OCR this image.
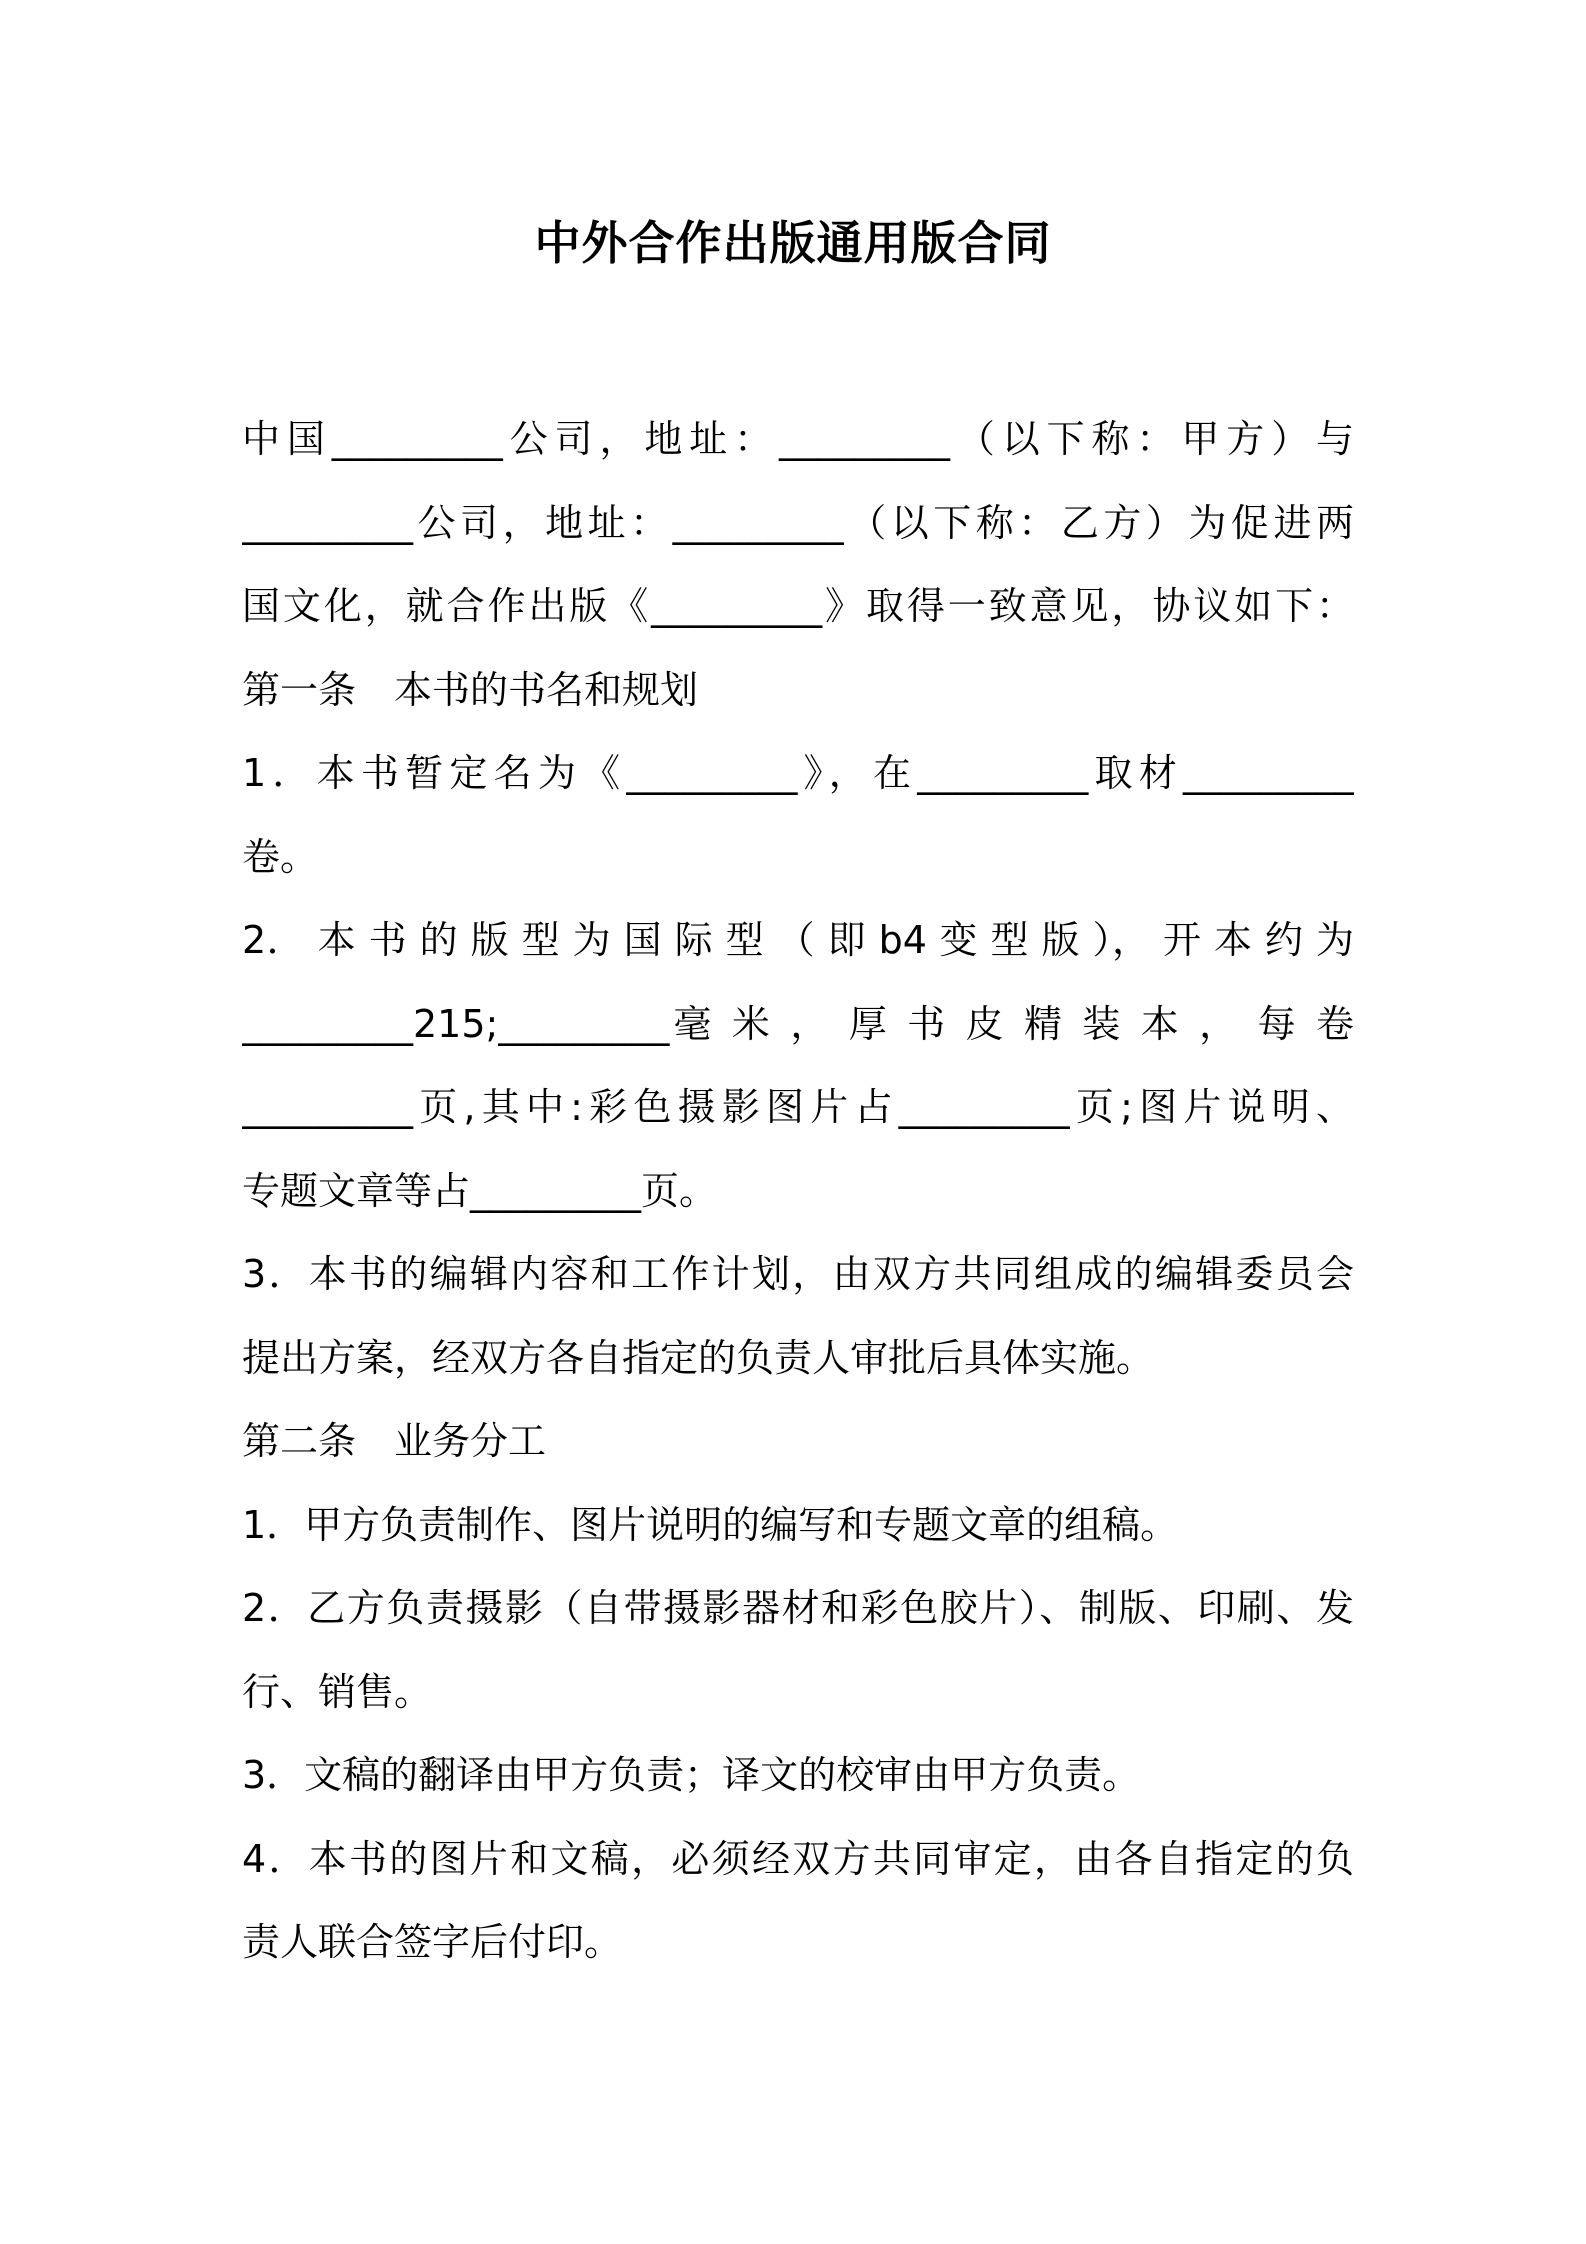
中外合作出版通用版合同
中国_________公司，地址：_________（以下称：甲方）与
_________公司，地址：_________（以下称：乙方）为促进两
国文化，就合作出版《_________》取得一致意见，协议如下：
第一条　本书的书名和规划
1．本书暂定名为《_________》，在_________取材_________
卷。
2． 本 书 的 版 型 为 国 际 型 （ 即 b4 变 型 版 ）， 开 本 约 为
_________215;_________毫 米 ， 厚 书 皮 精 装 本 ， 每 卷
_________页,其中:彩色摄影图片占_________页;图片说明、
专题文章等占_________页。
3．本书的编辑内容和工作计划，由双方共同组成的编辑委员会
提出方案，经双方各自指定的负责人审批后具体实施。
第二条　业务分工
1．甲方负责制作、图片说明的编写和专题文章的组稿。
2．乙方负责摄影（自带摄影器材和彩色胶片）、制版、印刷、发
行、销售。
3．文稿的翻译由甲方负责；译文的校审由甲方负责。
4．本书的图片和文稿，必须经双方共同审定，由各自指定的负
责人联合签字后付印。
